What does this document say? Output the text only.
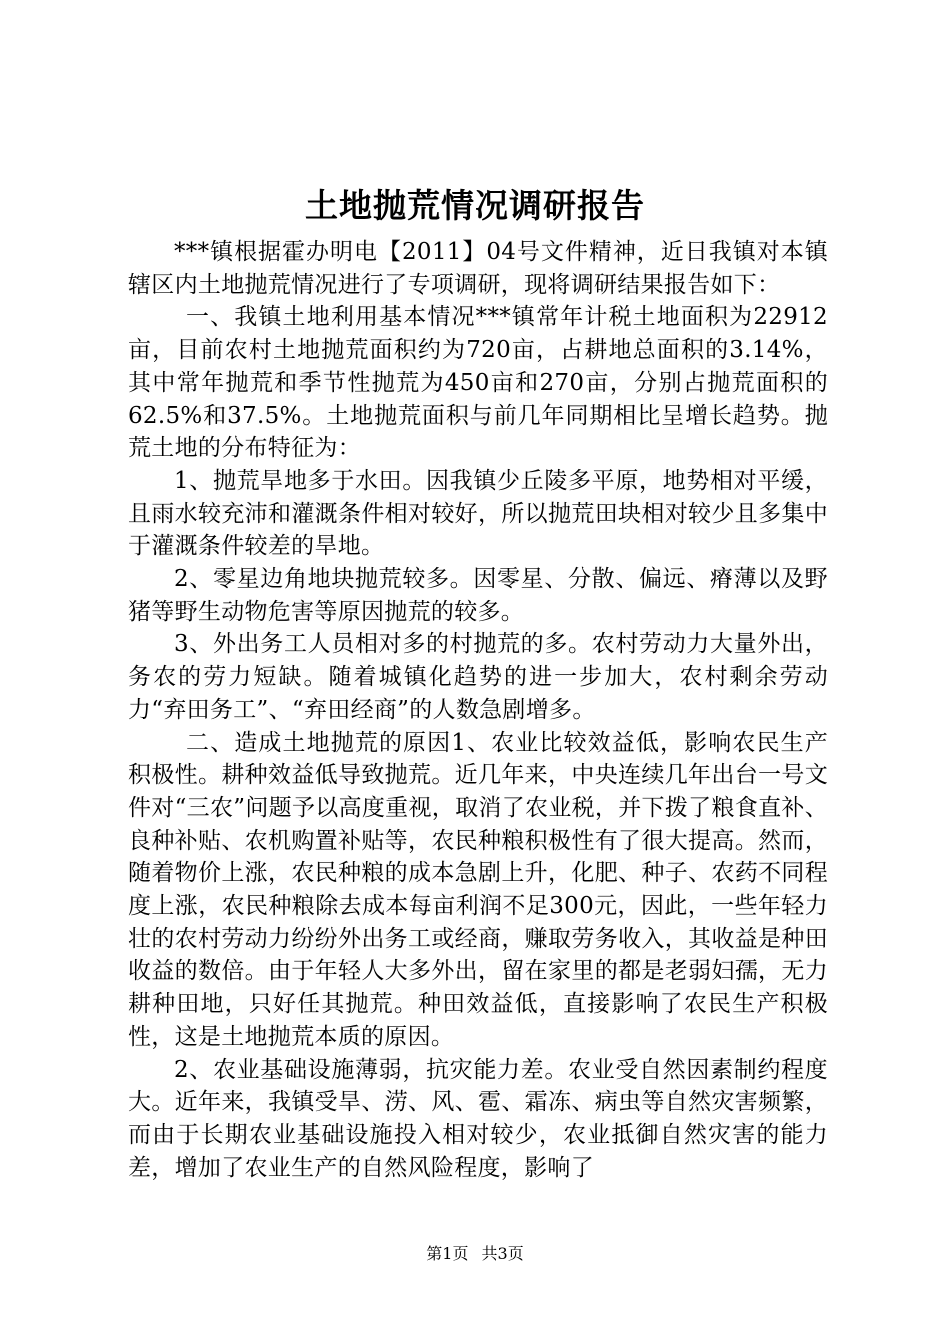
土地抛荒情况调研报告

***镇根据霍办明电【2011】04号文件精神，近日我镇对本镇辖区内土地抛荒情况进行了专项调研，现将调研结果报告如下：

一、我镇土地利用基本情况***镇常年计税土地面积为22912亩，目前农村土地抛荒面积约为720亩，占耕地总面积的3.14%，其中常年抛荒和季节性抛荒为450亩和270亩，分别占抛荒面积的62.5%和37.5%。土地抛荒面积与前几年同期相比呈增长趋势。抛荒土地的分布特征为：

1、抛荒旱地多于水田。因我镇少丘陵多平原，地势相对平缓，且雨水较充沛和灌溉条件相对较好，所以抛荒田块相对较少且多集中于灌溉条件较差的旱地。

2、零星边角地块抛荒较多。因零星、分散、偏远、瘠薄以及野猪等野生动物危害等原因抛荒的较多。

3、外出务工人员相对多的村抛荒的多。农村劳动力大量外出，务农的劳力短缺。随着城镇化趋势的进一步加大，农村剩余劳动力“弃田务工”、“弃田经商”的人数急剧增多。

二、造成土地抛荒的原因1、农业比较效益低，影响农民生产积极性。耕种效益低导致抛荒。近几年来，中央连续几年出台一号文件对“三农”问题予以高度重视，取消了农业税，并下拨了粮食直补、良种补贴、农机购置补贴等，农民种粮积极性有了很大提高。然而，随着物价上涨，农民种粮的成本急剧上升，化肥、种子、农药不同程度上涨，农民种粮除去成本每亩利润不足300元，因此，一些年轻力壮的农村劳动力纷纷外出务工或经商，赚取劳务收入，其收益是种田收益的数倍。由于年轻人大多外出，留在家里的都是老弱妇孺，无力耕种田地，只好任其抛荒。种田效益低，直接影响了农民生产积极性，这是土地抛荒本质的原因。

2、农业基础设施薄弱，抗灾能力差。农业受自然因素制约程度大。近年来，我镇受旱、涝、风、雹、霜冻、病虫等自然灾害频繁，而由于长期农业基础设施投入相对较少，农业抵御自然灾害的能力差，增加了农业生产的自然风险程度，影响了

第1页 共3页
